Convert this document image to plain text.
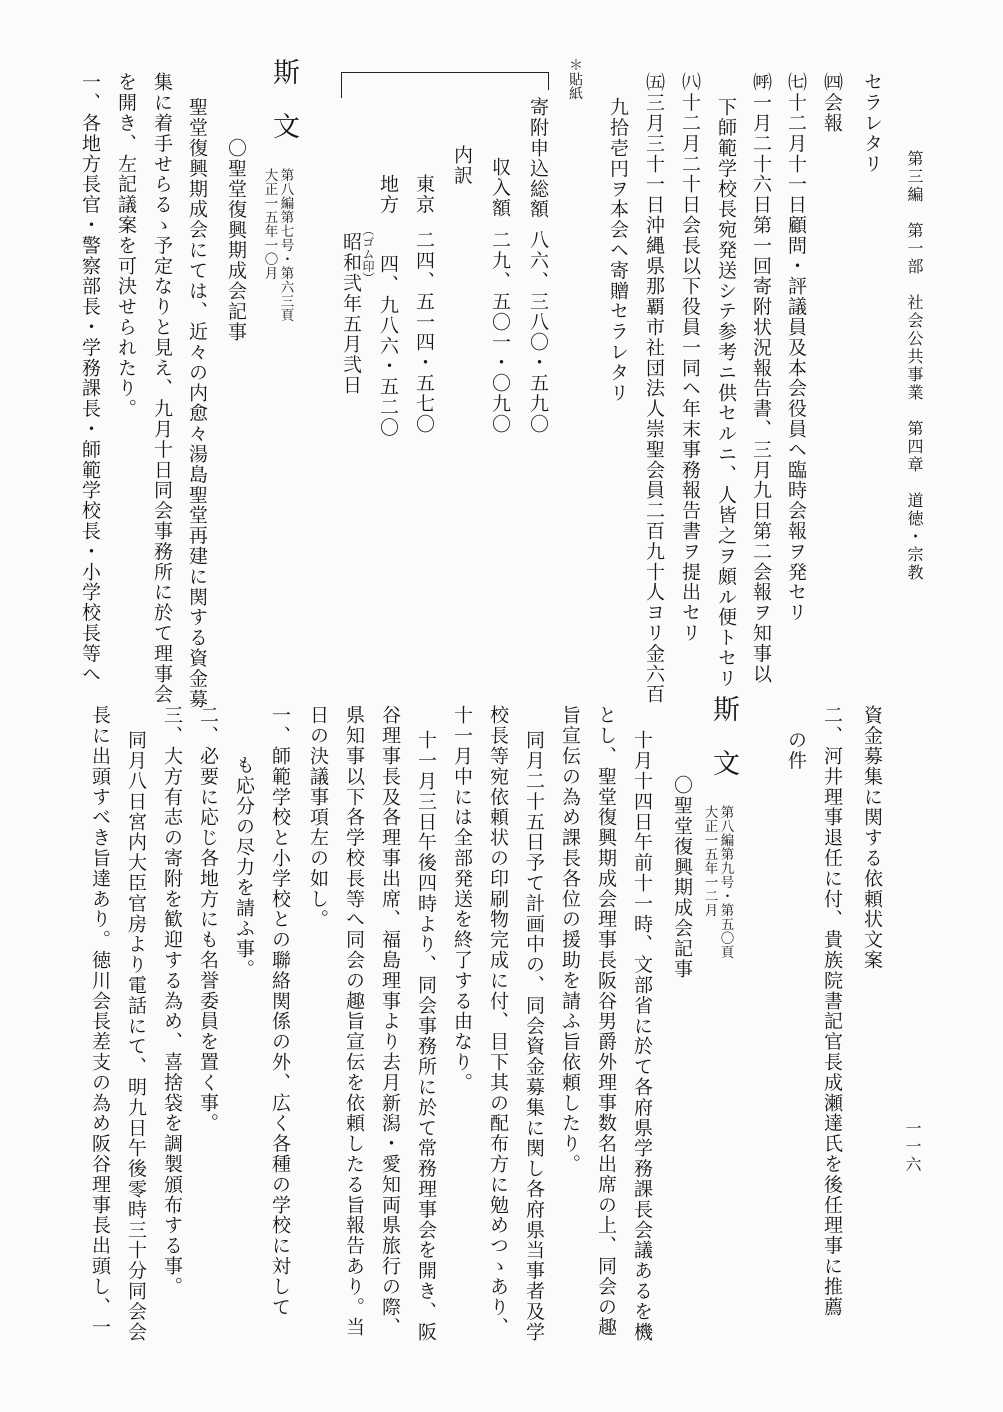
第三編　第一部　社会公共事業　第四章　道徳・宗教
一一六
セラレタリ
㈣会報
㈦十二月十一日顧問・評議員及本会役員ヘ臨時会報ヲ発セリ
㈺一月二十六日第一回寄附状況報告書、三月九日第二会報ヲ知事以
下師範学校長宛発送シテ参考ニ供セルニ、人皆之ヲ頗ル便トセリ
㈧十二月二十日会長以下役員一同ヘ年末事務報告書ヲ提出セリ
㈤三月三十一日沖縄県那覇市社団法人崇聖会員二百九十人ヨリ金六百
九拾壱円ヲ本会ヘ寄贈セラレタリ
＊貼紙
寄附申込総額
八六、三八〇・五九〇
収入額
二九、五〇一・〇九〇
内訳
東京
二四、五一四・五七〇
地方
四、九八六・五二〇
（ゴム印）
昭和弐年五月弐日
斯　文
第八編第七号・第六三頁
大正一五年一〇月
〇聖堂復興期成会記事
聖堂復興期成会にては、近々の内愈々湯島聖堂再建に関する資金募
集に着手せらるゝ予定なりと見え、九月十日同会事務所に於て理事会
を開き、左記議案を可決せられたり。
一、各地方長官・警察部長・学務課長・師範学校長・小学校長等へ
資金募集に関する依頼状文案
二、河井理事退任に付、貴族院書記官長成瀬達氏を後任理事に推薦
の件
斯　文
第八編第九号・第五〇頁
大正一五年一二月
〇聖堂復興期成会記事
十月十四日午前十一時、文部省に於て各府県学務課長会議あるを機
とし、聖堂復興期成会理事長阪谷男爵外理事数名出席の上、同会の趣
旨宣伝の為め課長各位の援助を請ふ旨依頼したり。
同月二十五日予て計画中の、同会資金募集に関し各府県当事者及学
校長等宛依頼状の印刷物完成に付、目下其の配布方に勉めつゝあり、
十一月中には全部発送を終了する由なり。
十一月三日午後四時より、同会事務所に於て常務理事会を開き、阪
谷理事長及各理事出席、福島理事より去月新潟・愛知両県旅行の際、
県知事以下各学校長等へ同会の趣旨宣伝を依頼したる旨報告あり。当
日の決議事項左の如し。
一、師範学校と小学校との聯絡関係の外、広く各種の学校に対して
も応分の尽力を請ふ事。
二、必要に応じ各地方にも名誉委員を置く事。
三、大方有志の寄附を歓迎する為め、喜捨袋を調製頒布する事。
同月八日宮内大臣官房より電話にて、明九日午後零時三十分同会会
長に出頭すべき旨達あり。徳川会長差支の為め阪谷理事長出頭し、一
